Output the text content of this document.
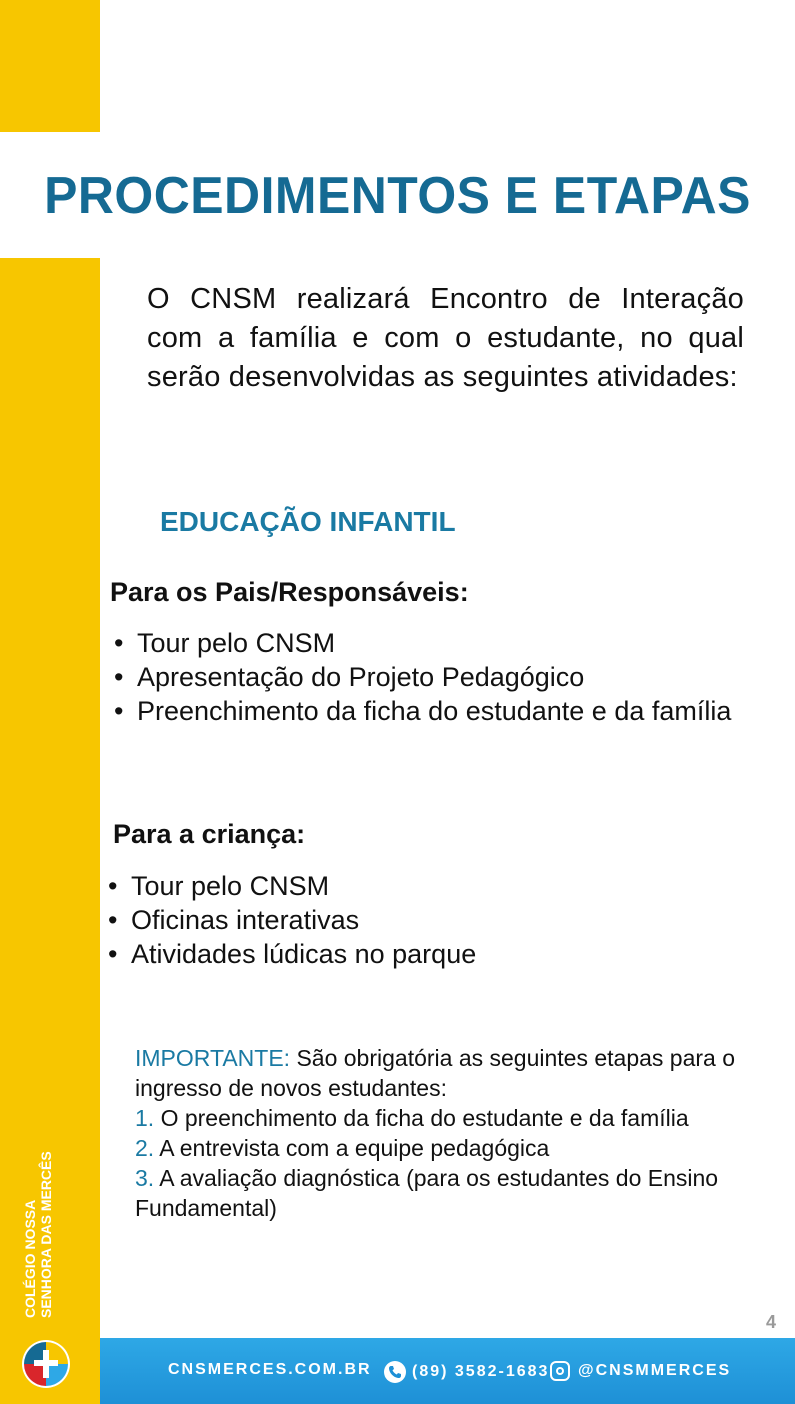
PROCEDIMENTOS E ETAPAS

O CNSM realizará Encontro de Interação com a família e com o estudante, no qual serão desenvolvidas as seguintes atividades:

EDUCAÇÃO INFANTIL
Para os Pais/Responsáveis:
• Tour pelo CNSM
• Apresentação do Projeto Pedagógico
• Preenchimento da ficha do estudante e da família
Para a criança:
• Tour pelo CNSM
• Oficinas interativas
• Atividades lúdicas no parque
IMPORTANTE: São obrigatória as seguintes etapas para o ingresso de novos estudantes:
1. O preenchimento da ficha do estudante e da família
2. A entrevista com a equipe pedagógica
3. A avaliação diagnóstica (para os estudantes do Ensino Fundamental)
COLÉGIO NOSSA SENHORA DAS MERCÊS
4
CNSMERCES.COM.BR	(89) 3582-1683 @CNSMMERCES
